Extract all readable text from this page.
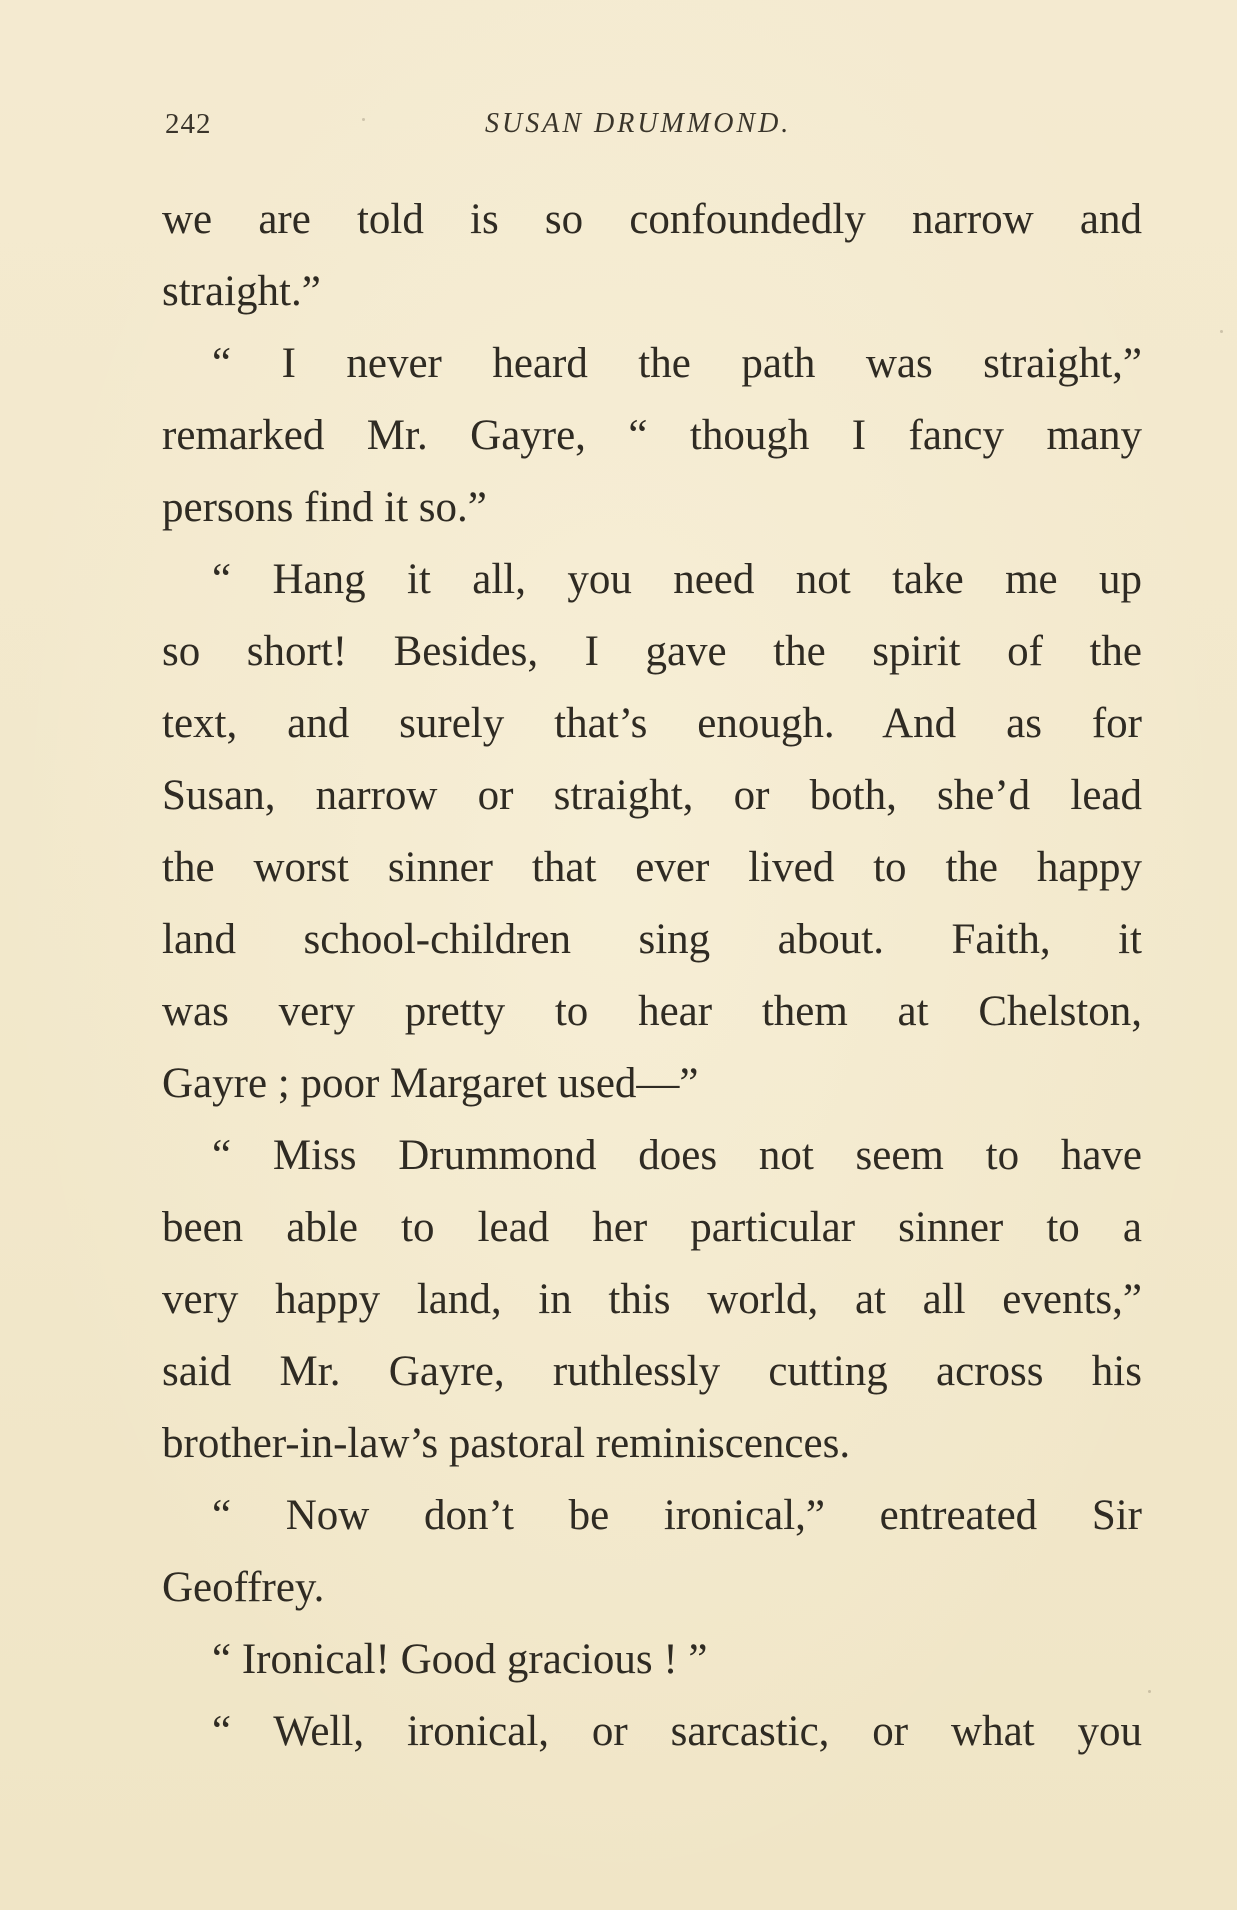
242	SUSAN DRUMMOND.
we are told is so confoundedly narrow and
straight.”
“ I never heard the path was straight,”
remarked Mr. Gayre, “ though I fancy many
persons find it so.”
“ Hang it all, you need not take me up
so short! Besides, I gave the spirit of the
text, and surely that’s enough. And as for
Susan, narrow or straight, or both, she’d lead
the worst sinner that ever lived to the happy
land school-children sing about. Faith, it
was very pretty to hear them at Chelston,
Gayre ; poor Margaret used—”
“ Miss Drummond does not seem to have
been able to lead her particular sinner to a
very happy land, in this world, at all events,”
said Mr. Gayre, ruthlessly cutting across his
brother-in-law’s pastoral reminiscences.
“ Now don’t be ironical,” entreated Sir
Geoffrey.
“ Ironical! Good gracious ! ”
“ Well, ironical, or sarcastic, or what you
